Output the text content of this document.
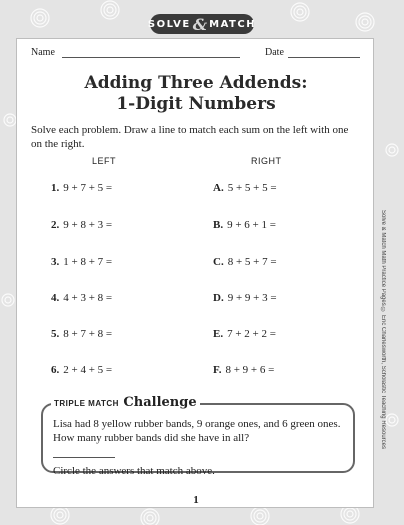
SOLVE & MATCH
Name	Date
Adding Three Addends:
1-Digit Numbers
Solve each problem. Draw a line to match each sum on the left with one on the right.
LEFT	RIGHT
1. 9 + 7 + 5 =
2. 9 + 8 + 3 =
3. 1 + 8 + 7 =
4. 4 + 3 + 8 =
5. 8 + 7 + 8 =
6. 2 + 4 + 5 =
A. 5 + 5 + 5 =
B. 9 + 6 + 1 =
C. 8 + 5 + 7 =
D. 9 + 9 + 3 =
E. 7 + 2 + 2 =
F. 8 + 9 + 6 =
TRIPLE MATCH Challenge
Lisa had 8 yellow rubber bands, 9 orange ones, and 6 green ones. How many rubber bands did she have in all?
Circle the answers that match above.
1
Solve & Match Math Practice Pages © Eric Charlesworth, Scholastic Teaching Resources
